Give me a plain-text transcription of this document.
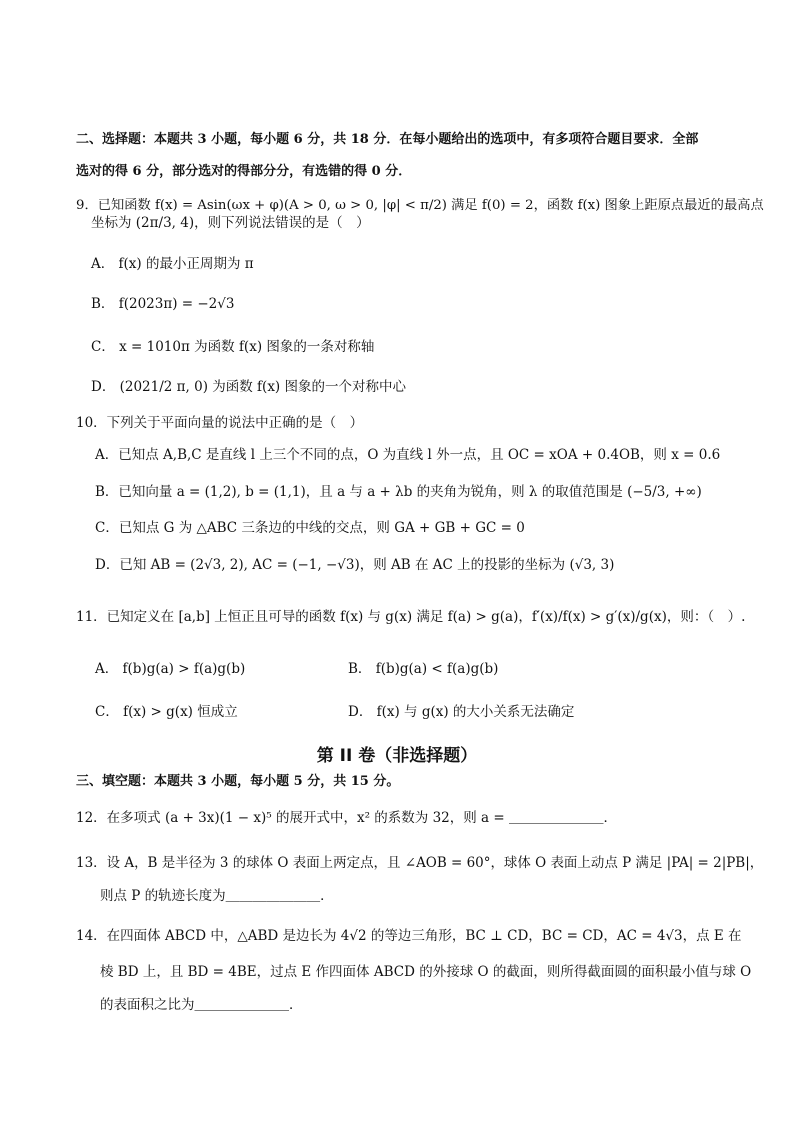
二、选择题：本题共 3 小题，每小题 6 分，共 18 分．在每小题给出的选项中，有多项符合题目要求．全部
选对的得 6 分，部分选对的得部分分，有选错的得 0 分．
9．已知函数 f(x) = Asin(ωx + φ)(A > 0, ω > 0, |φ| < π/2) 满足 f(0) = 2，函数 f(x) 图象上距原点最近的最高点
坐标为 (2π/3, 4)，则下列说法错误的是（　）
A． f(x) 的最小正周期为 π
B． f(2023π) = −2√3
C． x = 1010π 为函数 f(x) 图象的一条对称轴
D． (2021/2 π, 0) 为函数 f(x) 图象的一个对称中心
10．下列关于平面向量的说法中正确的是（　）
A．已知点 A,B,C 是直线 l 上三个不同的点，O 为直线 l 外一点，且 OC = xOA + 0.4OB，则 x = 0.6
B．已知向量 a = (1,2), b = (1,1)，且 a 与 a + λb 的夹角为锐角，则 λ 的取值范围是 (−5/3, +∞)
C．已知点 G 为 △ABC 三条边的中线的交点，则 GA + GB + GC = 0
D．已知 AB = (2√3, 2), AC = (−1, −√3)，则 AB 在 AC 上的投影的坐标为 (√3, 3)
11．已知定义在 [a,b] 上恒正且可导的函数 f(x) 与 g(x) 满足 f(a) > g(a)，f′(x)/f(x) > g′(x)/g(x)，则：（　）.
A． f(b)g(a) > f(a)g(b)	B． f(b)g(a) < f(a)g(b)
C． f(x) > g(x) 恒成立	D． f(x) 与 g(x) 的大小关系无法确定
第 II 卷（非选择题）
三、填空题：本题共 3 小题，每小题 5 分，共 15 分。
12．在多项式 (a + 3x)(1 − x)⁵ 的展开式中，x² 的系数为 32，则 a = ＿＿＿＿＿＿＿．
13．设 A，B 是半径为 3 的球体 O 表面上两定点，且 ∠AOB = 60°，球体 O 表面上动点 P 满足 |PA| = 2|PB|，
则点 P 的轨迹长度为＿＿＿＿＿＿＿．
14．在四面体 ABCD 中，△ABD 是边长为 4√2 的等边三角形，BC ⊥ CD，BC = CD，AC = 4√3，点 E 在
棱 BD 上，且 BD = 4BE，过点 E 作四面体 ABCD 的外接球 O 的截面，则所得截面圆的面积最小值与球 O
的表面积之比为＿＿＿＿＿＿＿．
